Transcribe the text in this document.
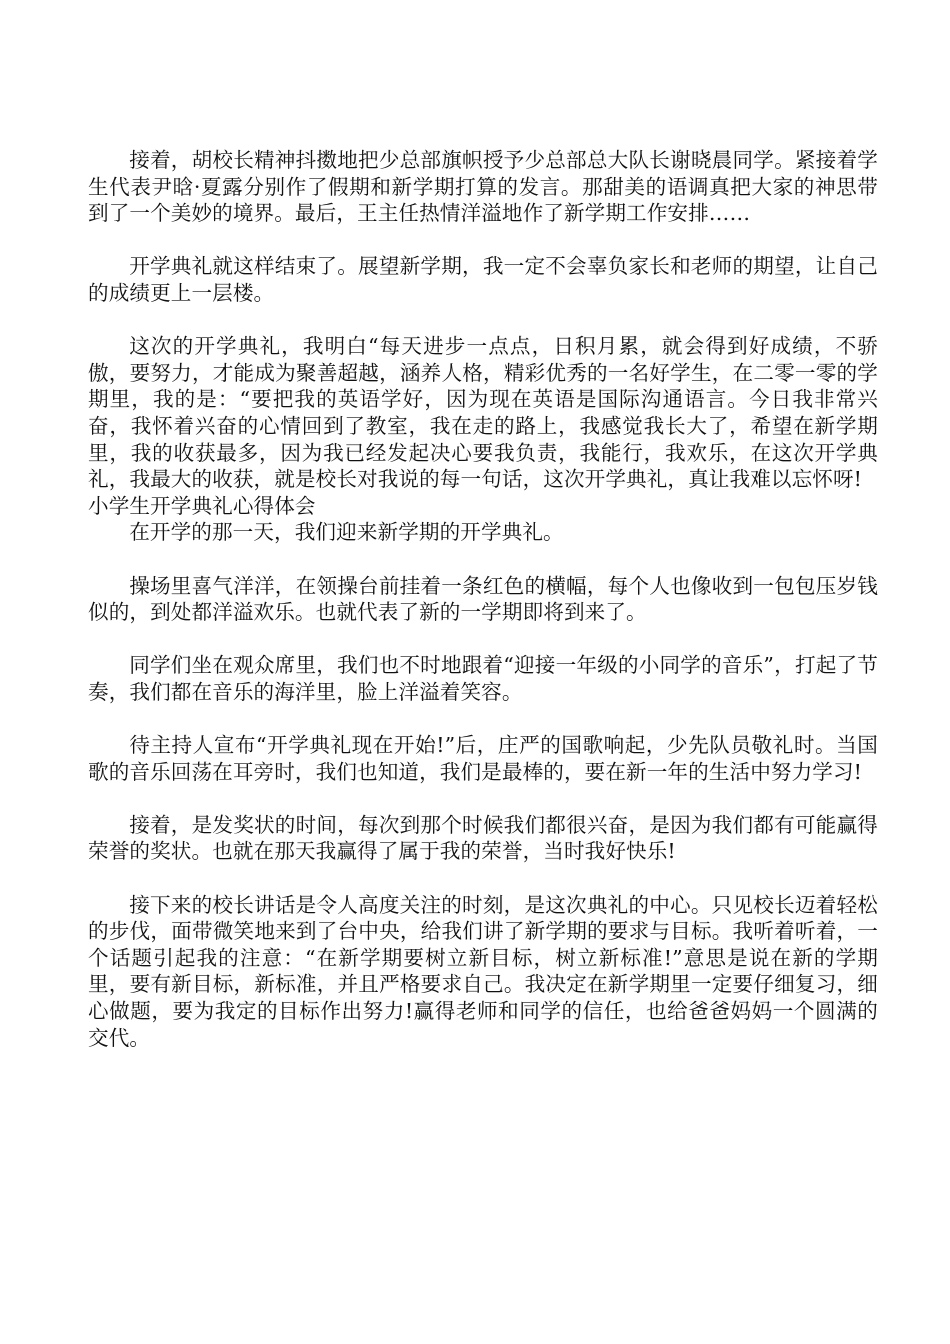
接着，胡校长精神抖擞地把少总部旗帜授予少总部总大队长谢晓晨同学。紧接着学生代表尹晗·夏露分别作了假期和新学期打算的发言。那甜美的语调真把大家的神思带到了一个美妙的境界。最后，王主任热情洋溢地作了新学期工作安排……

开学典礼就这样结束了。展望新学期，我一定不会辜负家长和老师的期望，让自己的成绩更上一层楼。

这次的开学典礼，我明白“每天进步一点点，日积月累，就会得到好成绩，不骄傲，要努力，才能成为聚善超越，涵养人格，精彩优秀的一名好学生，在二零一零的学期里，我的是：“要把我的英语学好，因为现在英语是国际沟通语言。今日我非常兴奋，我怀着兴奋的心情回到了教室，我在走的路上，我感觉我长大了，希望在新学期里，我的收获最多，因为我已经发起决心要我负责，我能行，我欢乐，在这次开学典礼，我最大的收获，就是校长对我说的每一句话，这次开学典礼，真让我难以忘怀呀!

小学生开学典礼心得体会

在开学的那一天，我们迎来新学期的开学典礼。

操场里喜气洋洋，在领操台前挂着一条红色的横幅，每个人也像收到一包包压岁钱似的，到处都洋溢欢乐。也就代表了新的一学期即将到来了。

同学们坐在观众席里，我们也不时地跟着“迎接一年级的小同学的音乐”，打起了节奏，我们都在音乐的海洋里，脸上洋溢着笑容。

待主持人宣布“开学典礼现在开始!”后，庄严的国歌响起，少先队员敬礼时。当国歌的音乐回荡在耳旁时，我们也知道，我们是最棒的，要在新一年的生活中努力学习!

接着，是发奖状的时间，每次到那个时候我们都很兴奋，是因为我们都有可能赢得荣誉的奖状。也就在那天我赢得了属于我的荣誉，当时我好快乐!

接下来的校长讲话是令人高度关注的时刻，是这次典礼的中心。只见校长迈着轻松的步伐，面带微笑地来到了台中央，给我们讲了新学期的要求与目标。我听着听着，一个话题引起我的注意：“在新学期要树立新目标，树立新标准!”意思是说在新的学期里，要有新目标，新标准，并且严格要求自己。我决定在新学期里一定要仔细复习，细心做题，要为我定的目标作出努力!赢得老师和同学的信任，也给爸爸妈妈一个圆满的交代。
